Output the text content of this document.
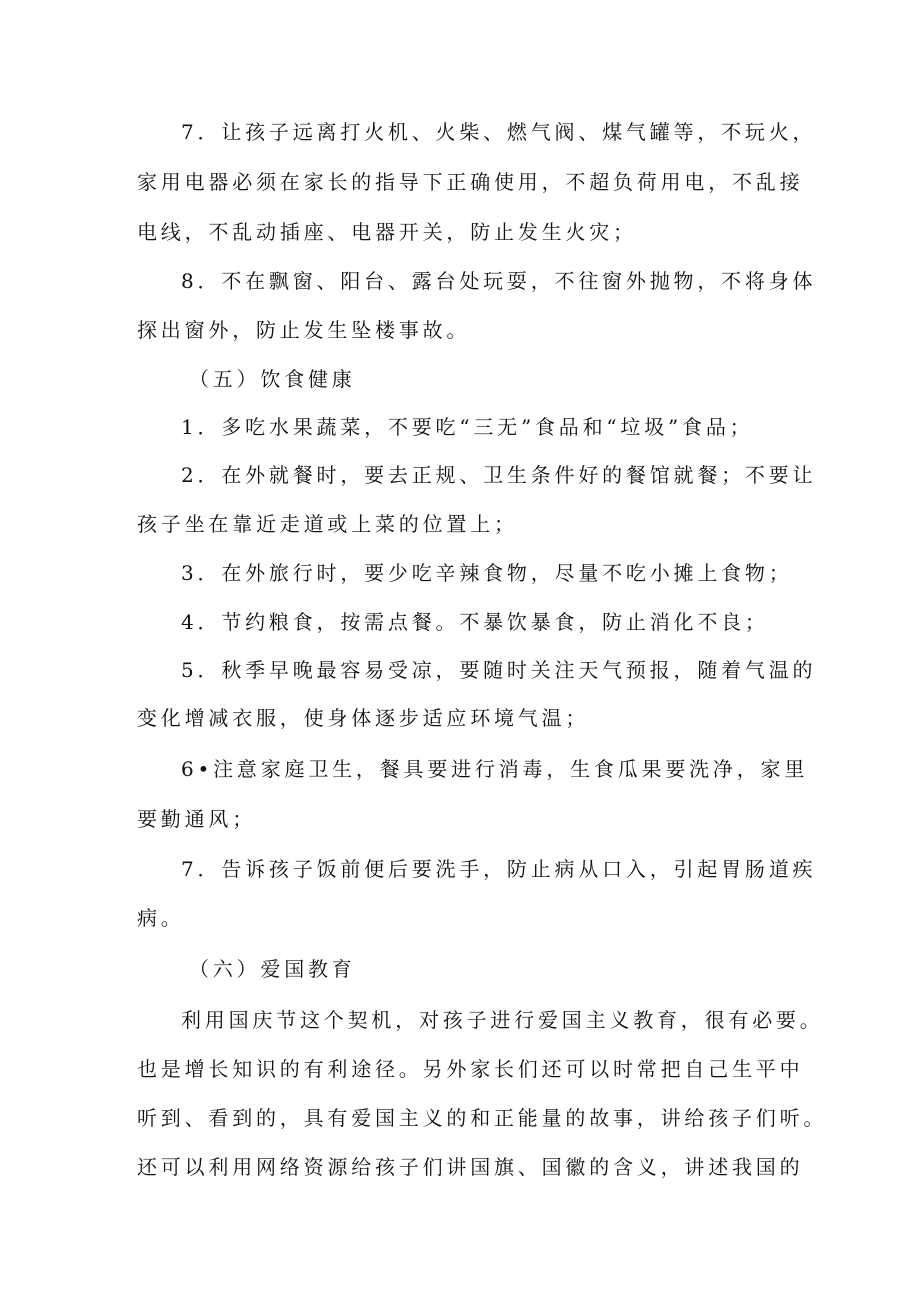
7．让孩子远离打火机、火柴、燃气阀、煤气罐等，不玩火，
家用电器必须在家长的指导下正确使用，不超负荷用电，不乱接
电线，不乱动插座、电器开关，防止发生火灾；
8．不在飘窗、阳台、露台处玩耍，不往窗外抛物，不将身体
探出窗外，防止发生坠楼事故。
（五）饮食健康
1．多吃水果蔬菜，不要吃“三无”食品和“垃圾”食品；
2．在外就餐时，要去正规、卫生条件好的餐馆就餐；不要让
孩子坐在靠近走道或上菜的位置上；
3．在外旅行时，要少吃辛辣食物，尽量不吃小摊上食物；
4．节约粮食，按需点餐。不暴饮暴食，防止消化不良；
5．秋季早晚最容易受凉，要随时关注天气预报，随着气温的
变化增减衣服，使身体逐步适应环境气温；
6•注意家庭卫生，餐具要进行消毒，生食瓜果要洗净，家里
要勤通风；
7．告诉孩子饭前便后要洗手，防止病从口入，引起胃肠道疾
病。
（六）爱国教育
利用国庆节这个契机，对孩子进行爱国主义教育，很有必要。
也是增长知识的有利途径。另外家长们还可以时常把自己生平中
听到、看到的，具有爱国主义的和正能量的故事，讲给孩子们听。
还可以利用网络资源给孩子们讲国旗、国徽的含义，讲述我国的
